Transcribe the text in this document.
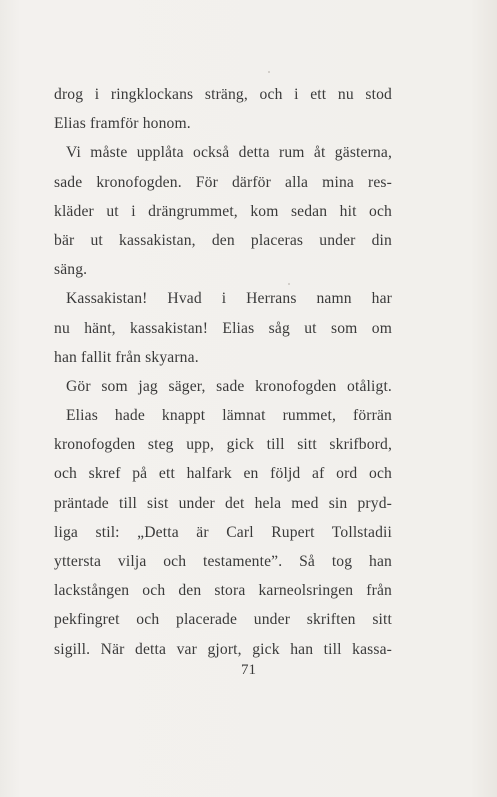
drog i ringklockans sträng, och i ett nu stod
Elias framför honom.
Vi måste upplåta också detta rum åt gästerna,
sade kronofogden. För därför alla mina res-
kläder ut i drängrummet, kom sedan hit och
bär ut kassakistan, den placeras under din
säng.
Kassakistan! Hvad i Herrans namn har
nu hänt, kassakistan! Elias såg ut som om
han fallit från skyarna.
Gör som jag säger, sade kronofogden otåligt.
Elias hade knappt lämnat rummet, förrän
kronofogden steg upp, gick till sitt skrifbord,
och skref på ett halfark en följd af ord och
präntade till sist under det hela med sin pryd-
liga stil: „Detta är Carl Rupert Tollstadii
yttersta vilja och testamente”. Så tog han
lackstången och den stora karneolsringen från
pekfingret och placerade under skriften sitt
sigill. När detta var gjort, gick han till kassa-
71
